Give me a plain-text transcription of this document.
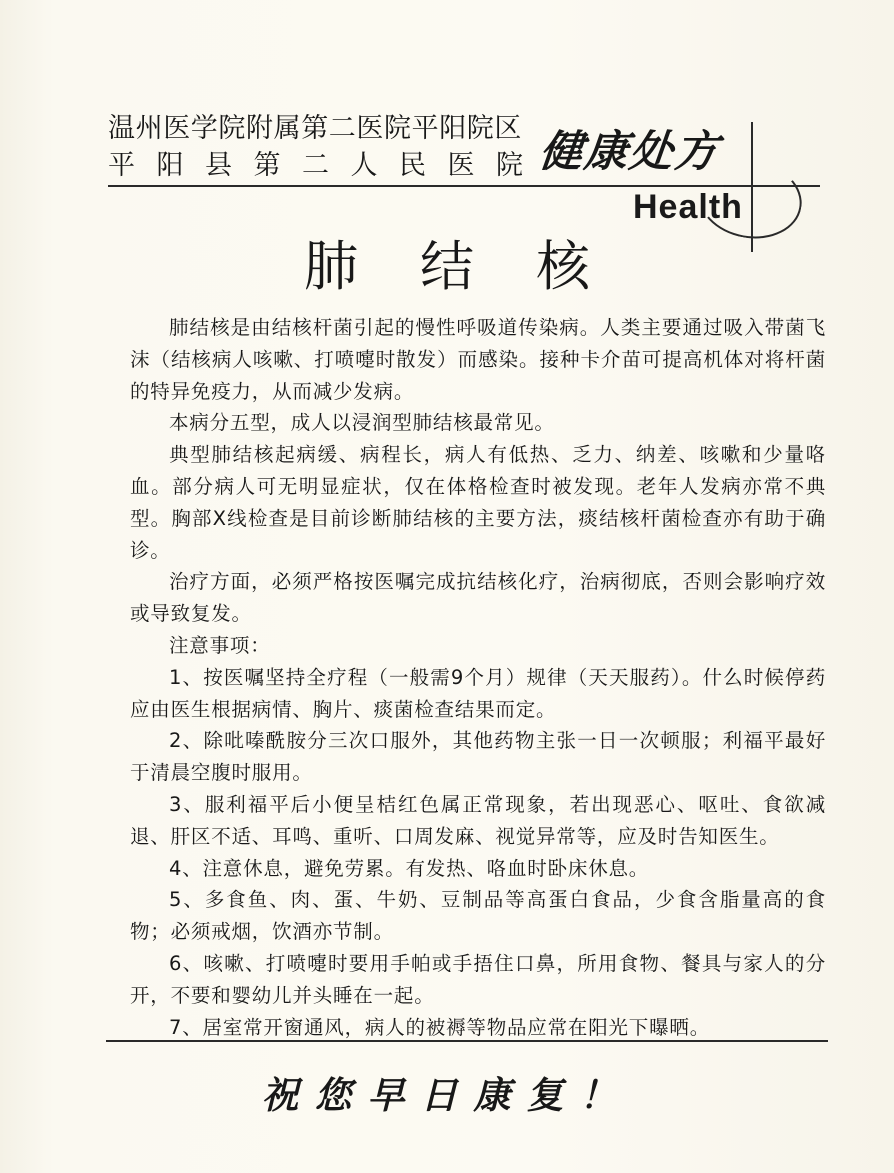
温州医学院附属第二医院平阳院区
平阳县第二人民医院
健康处方
Health
肺结核

肺结核是由结核杆菌引起的慢性呼吸道传染病。人类主要通过吸入带菌飞沫（结核病人咳嗽、打喷嚏时散发）而感染。接种卡介苗可提高机体对将杆菌的特异免疫力，从而减少发病。

本病分五型，成人以浸润型肺结核最常见。

典型肺结核起病缓、病程长，病人有低热、乏力、纳差、咳嗽和少量咯血。部分病人可无明显症状，仅在体格检查时被发现。老年人发病亦常不典型。胸部X线检查是目前诊断肺结核的主要方法，痰结核杆菌检查亦有助于确诊。

治疗方面，必须严格按医嘱完成抗结核化疗，治病彻底，否则会影响疗效或导致复发。

注意事项：

1、按医嘱坚持全疗程（一般需9个月）规律（天天服药）。什么时候停药应由医生根据病情、胸片、痰菌检查结果而定。

2、除吡嗪酰胺分三次口服外，其他药物主张一日一次顿服；利福平最好于清晨空腹时服用。

3、服利福平后小便呈桔红色属正常现象，若出现恶心、呕吐、食欲减退、肝区不适、耳鸣、重听、口周发麻、视觉异常等，应及时告知医生。

4、注意休息，避免劳累。有发热、咯血时卧床休息。

5、多食鱼、肉、蛋、牛奶、豆制品等高蛋白食品，少食含脂量高的食物；必须戒烟，饮酒亦节制。

6、咳嗽、打喷嚏时要用手帕或手捂住口鼻，所用食物、餐具与家人的分开，不要和婴幼儿并头睡在一起。

7、居室常开窗通风，病人的被褥等物品应常在阳光下曝晒。

祝您早日康复！
